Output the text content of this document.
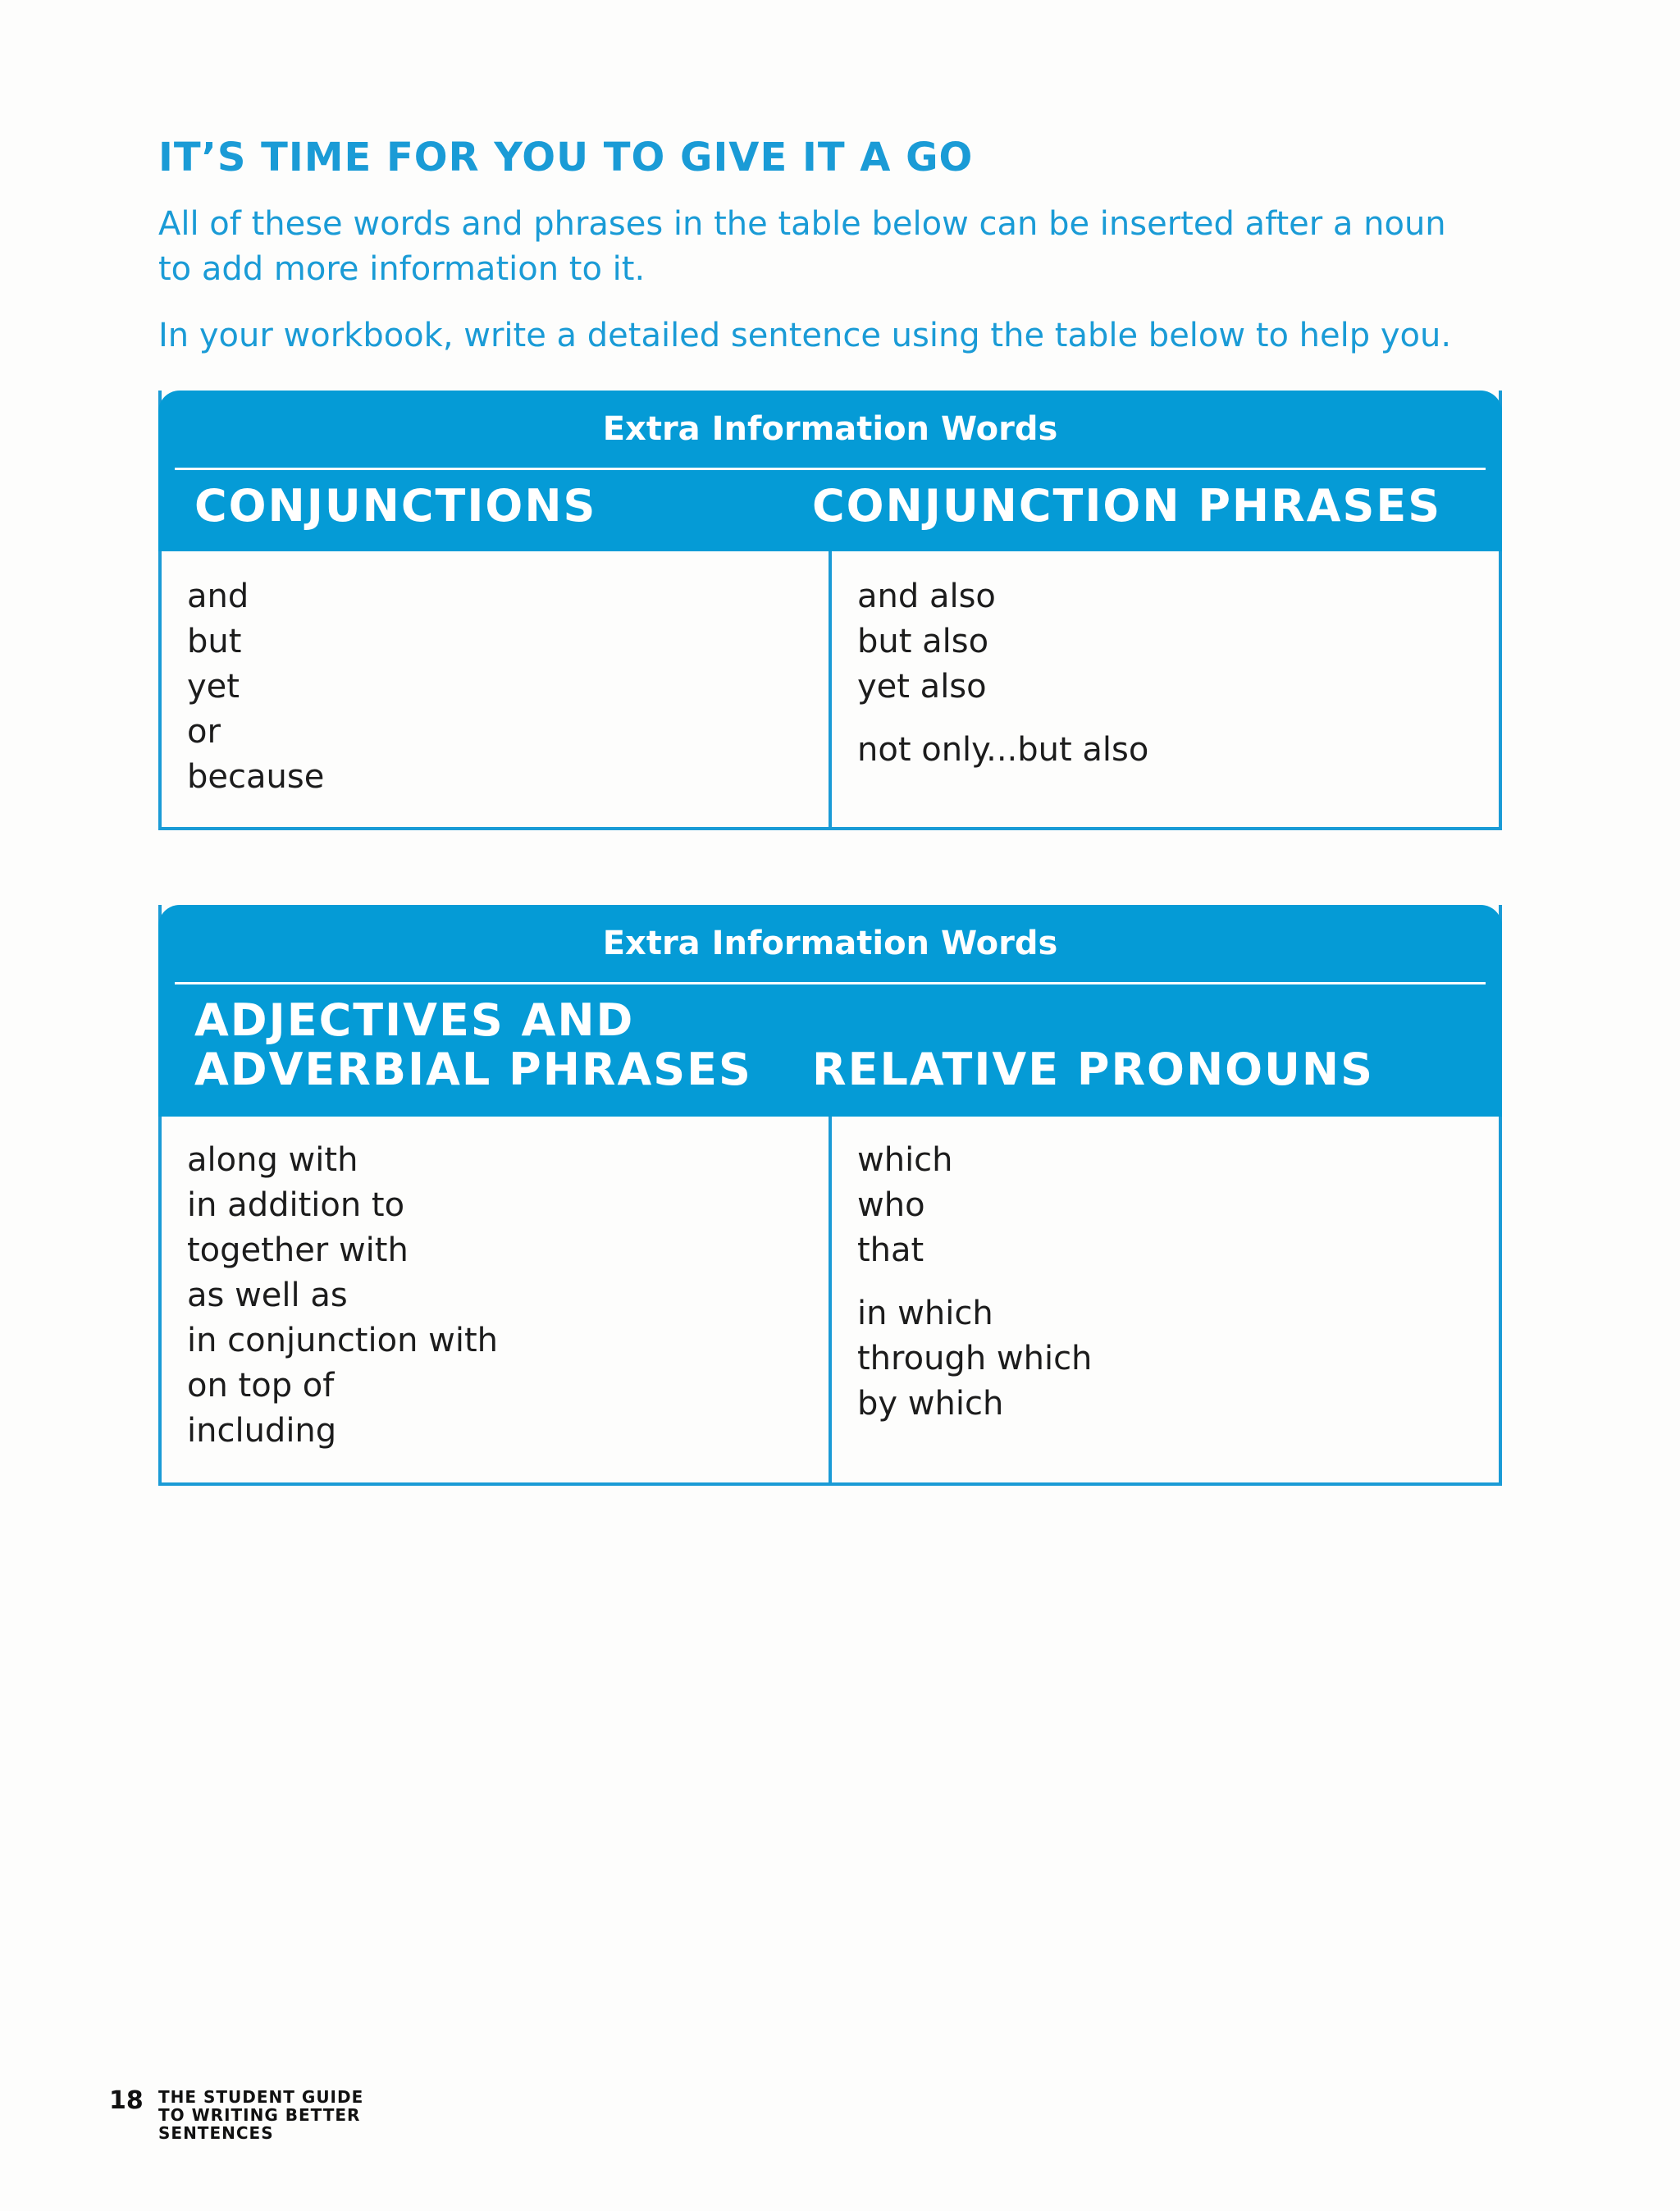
IT’S TIME FOR YOU TO GIVE IT A GO
All of these words and phrases in the table below can be inserted after a noun to add more information to it.
In your workbook, write a detailed sentence using the table below to help you.
Extra Information Words
CONJUNCTIONS	CONJUNCTION PHRASES
and
but
yet
or
because
and also
but also
yet also
not only...but also
Extra Information Words
ADJECTIVES AND
ADVERBIAL PHRASES	RELATIVE PRONOUNS
along with
in addition to
together with
as well as
in conjunction with
on top of
including
which
who
that
in which
through which
by which
18 THE STUDENT GUIDE
TO WRITING BETTER
SENTENCES
